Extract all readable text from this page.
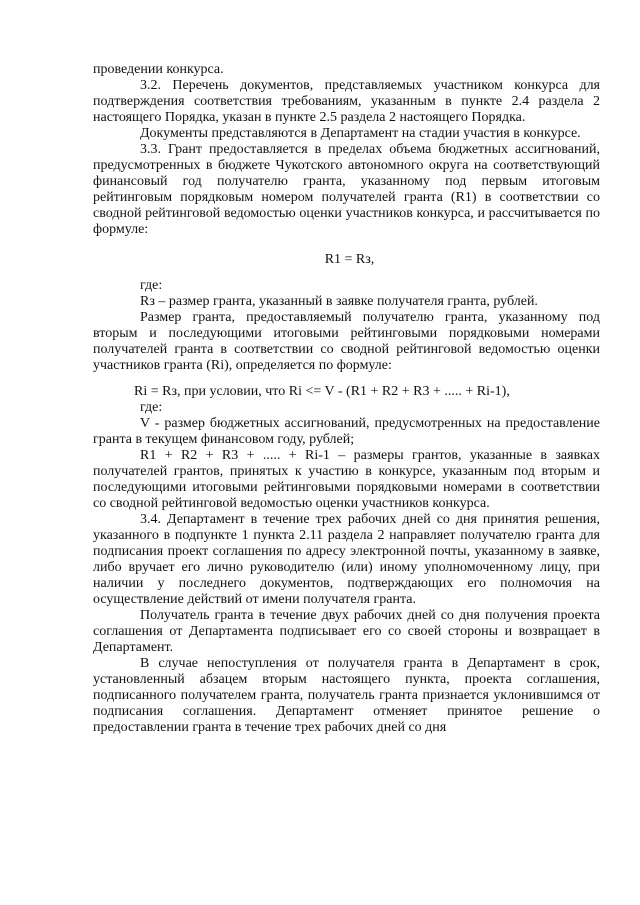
проведении конкурса.

3.2. Перечень документов, представляемых участником конкурса для подтверждения соответствия требованиям, указанным в пункте 2.4 раздела 2 настоящего Порядка, указан в пункте 2.5 раздела 2 настоящего Порядка.

Документы представляются в Департамент на стадии участия в конкурсе.

3.3. Грант предоставляется в пределах объема бюджетных ассигнований, предусмотренных в бюджете Чукотского автономного округа на соответствующий финансовый год получателю гранта, указанному под первым итоговым рейтинговым порядковым номером получателей гранта (R1) в соответствии со сводной рейтинговой ведомостью оценки участников конкурса, и рассчитывается по формуле:

R1 = Rз,

где:

Rз – размер гранта, указанный в заявке получателя гранта, рублей.

Размер гранта, предоставляемый получателю гранта, указанному под вторым и последующими итоговыми рейтинговыми порядковыми номерами получателей гранта в соответствии со сводной рейтинговой ведомостью оценки участников гранта (Ri), определяется по формуле:

Ri = Rз, при условии, что Ri <= V - (R1 + R2 + R3 + ..... + Ri-1),

где:

V - размер бюджетных ассигнований, предусмотренных на предоставление гранта в текущем финансовом году, рублей;

R1 + R2 + R3 + ..... + Ri-1 – размеры грантов, указанные в заявках получателей грантов, принятых к участию в конкурсе, указанным под вторым и последующими итоговыми рейтинговыми порядковыми номерами в соответствии со сводной рейтинговой ведомостью оценки участников конкурса.

3.4. Департамент в течение трех рабочих дней со дня принятия решения, указанного в подпункте 1 пункта 2.11 раздела 2 направляет получателю гранта для подписания проект соглашения по адресу электронной почты, указанному в заявке, либо вручает его лично руководителю (или) иному уполномоченному лицу, при наличии у последнего документов, подтверждающих его полномочия на осуществление действий от имени получателя гранта.

Получатель гранта в течение двух рабочих дней со дня получения проекта соглашения от Департамента подписывает его со своей стороны и возвращает в Департамент.

В случае непоступления от получателя гранта в Департамент в срок, установленный абзацем вторым настоящего пункта, проекта соглашения, подписанного получателем гранта, получатель гранта признается уклонившимся от подписания соглашения. Департамент отменяет принятое решение о предоставлении гранта в течение трех рабочих дней со дня
